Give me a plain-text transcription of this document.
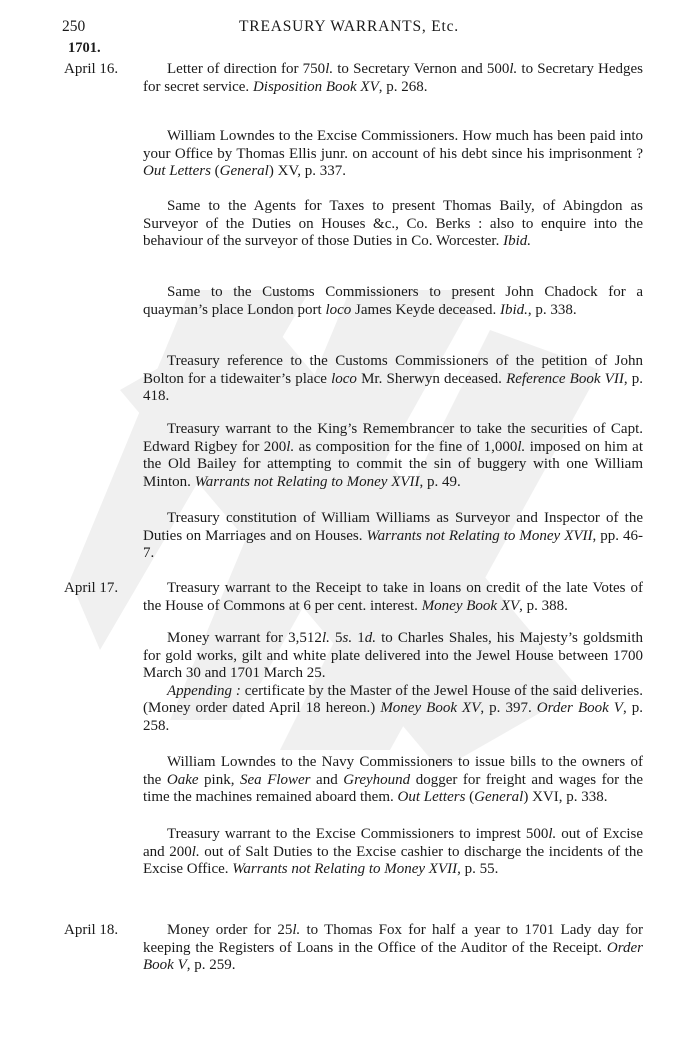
250	TREASURY WARRANTS, Etc.
1701.
April 16.
April 17.
April 18.

Letter of direction for 750l. to Secretary Vernon and 500l. to Secretary Hedges for secret service. Disposition Book XV, p. 268.

William Lowndes to the Excise Commissioners. How much has been paid into your Office by Thomas Ellis junr. on account of his debt since his imprisonment ? Out Letters (General) XV, p. 337.

Same to the Agents for Taxes to present Thomas Baily, of Abingdon as Surveyor of the Duties on Houses &c., Co. Berks : also to enquire into the behaviour of the surveyor of those Duties in Co. Worcester. Ibid.

Same to the Customs Commissioners to present John Chadock for a quayman’s place London port loco James Keyde deceased. Ibid., p. 338.

Treasury reference to the Customs Commissioners of the petition of John Bolton for a tidewaiter’s place loco Mr. Sherwyn deceased. Reference Book VII, p. 418.

Treasury warrant to the King’s Remembrancer to take the securities of Capt. Edward Rigbey for 200l. as composition for the fine of 1,000l. imposed on him at the Old Bailey for attempting to commit the sin of buggery with one William Minton. Warrants not Relating to Money XVII, p. 49.

Treasury constitution of William Williams as Surveyor and Inspector of the Duties on Marriages and on Houses. Warrants not Relating to Money XVII, pp. 46-7.

Treasury warrant to the Receipt to take in loans on credit of the late Votes of the House of Commons at 6 per cent. interest. Money Book XV, p. 388.

Money warrant for 3,512l. 5s. 1d. to Charles Shales, his Majesty’s goldsmith for gold works, gilt and white plate delivered into the Jewel House between 1700 March 30 and 1701 March 25.
Appending : certificate by the Master of the Jewel House of the said deliveries. (Money order dated April 18 hereon.) Money Book XV, p. 397. Order Book V, p. 258.

William Lowndes to the Navy Commissioners to issue bills to the owners of the Oake pink, Sea Flower and Greyhound dogger for freight and wages for the time the machines remained aboard them. Out Letters (General) XVI, p. 338.

Treasury warrant to the Excise Commissioners to imprest 500l. out of Excise and 200l. out of Salt Duties to the Excise cashier to discharge the incidents of the Excise Office. Warrants not Relating to Money XVII, p. 55.

Money order for 25l. to Thomas Fox for half a year to 1701 Lady day for keeping the Registers of Loans in the Office of the Auditor of the Receipt. Order Book V, p. 259.
